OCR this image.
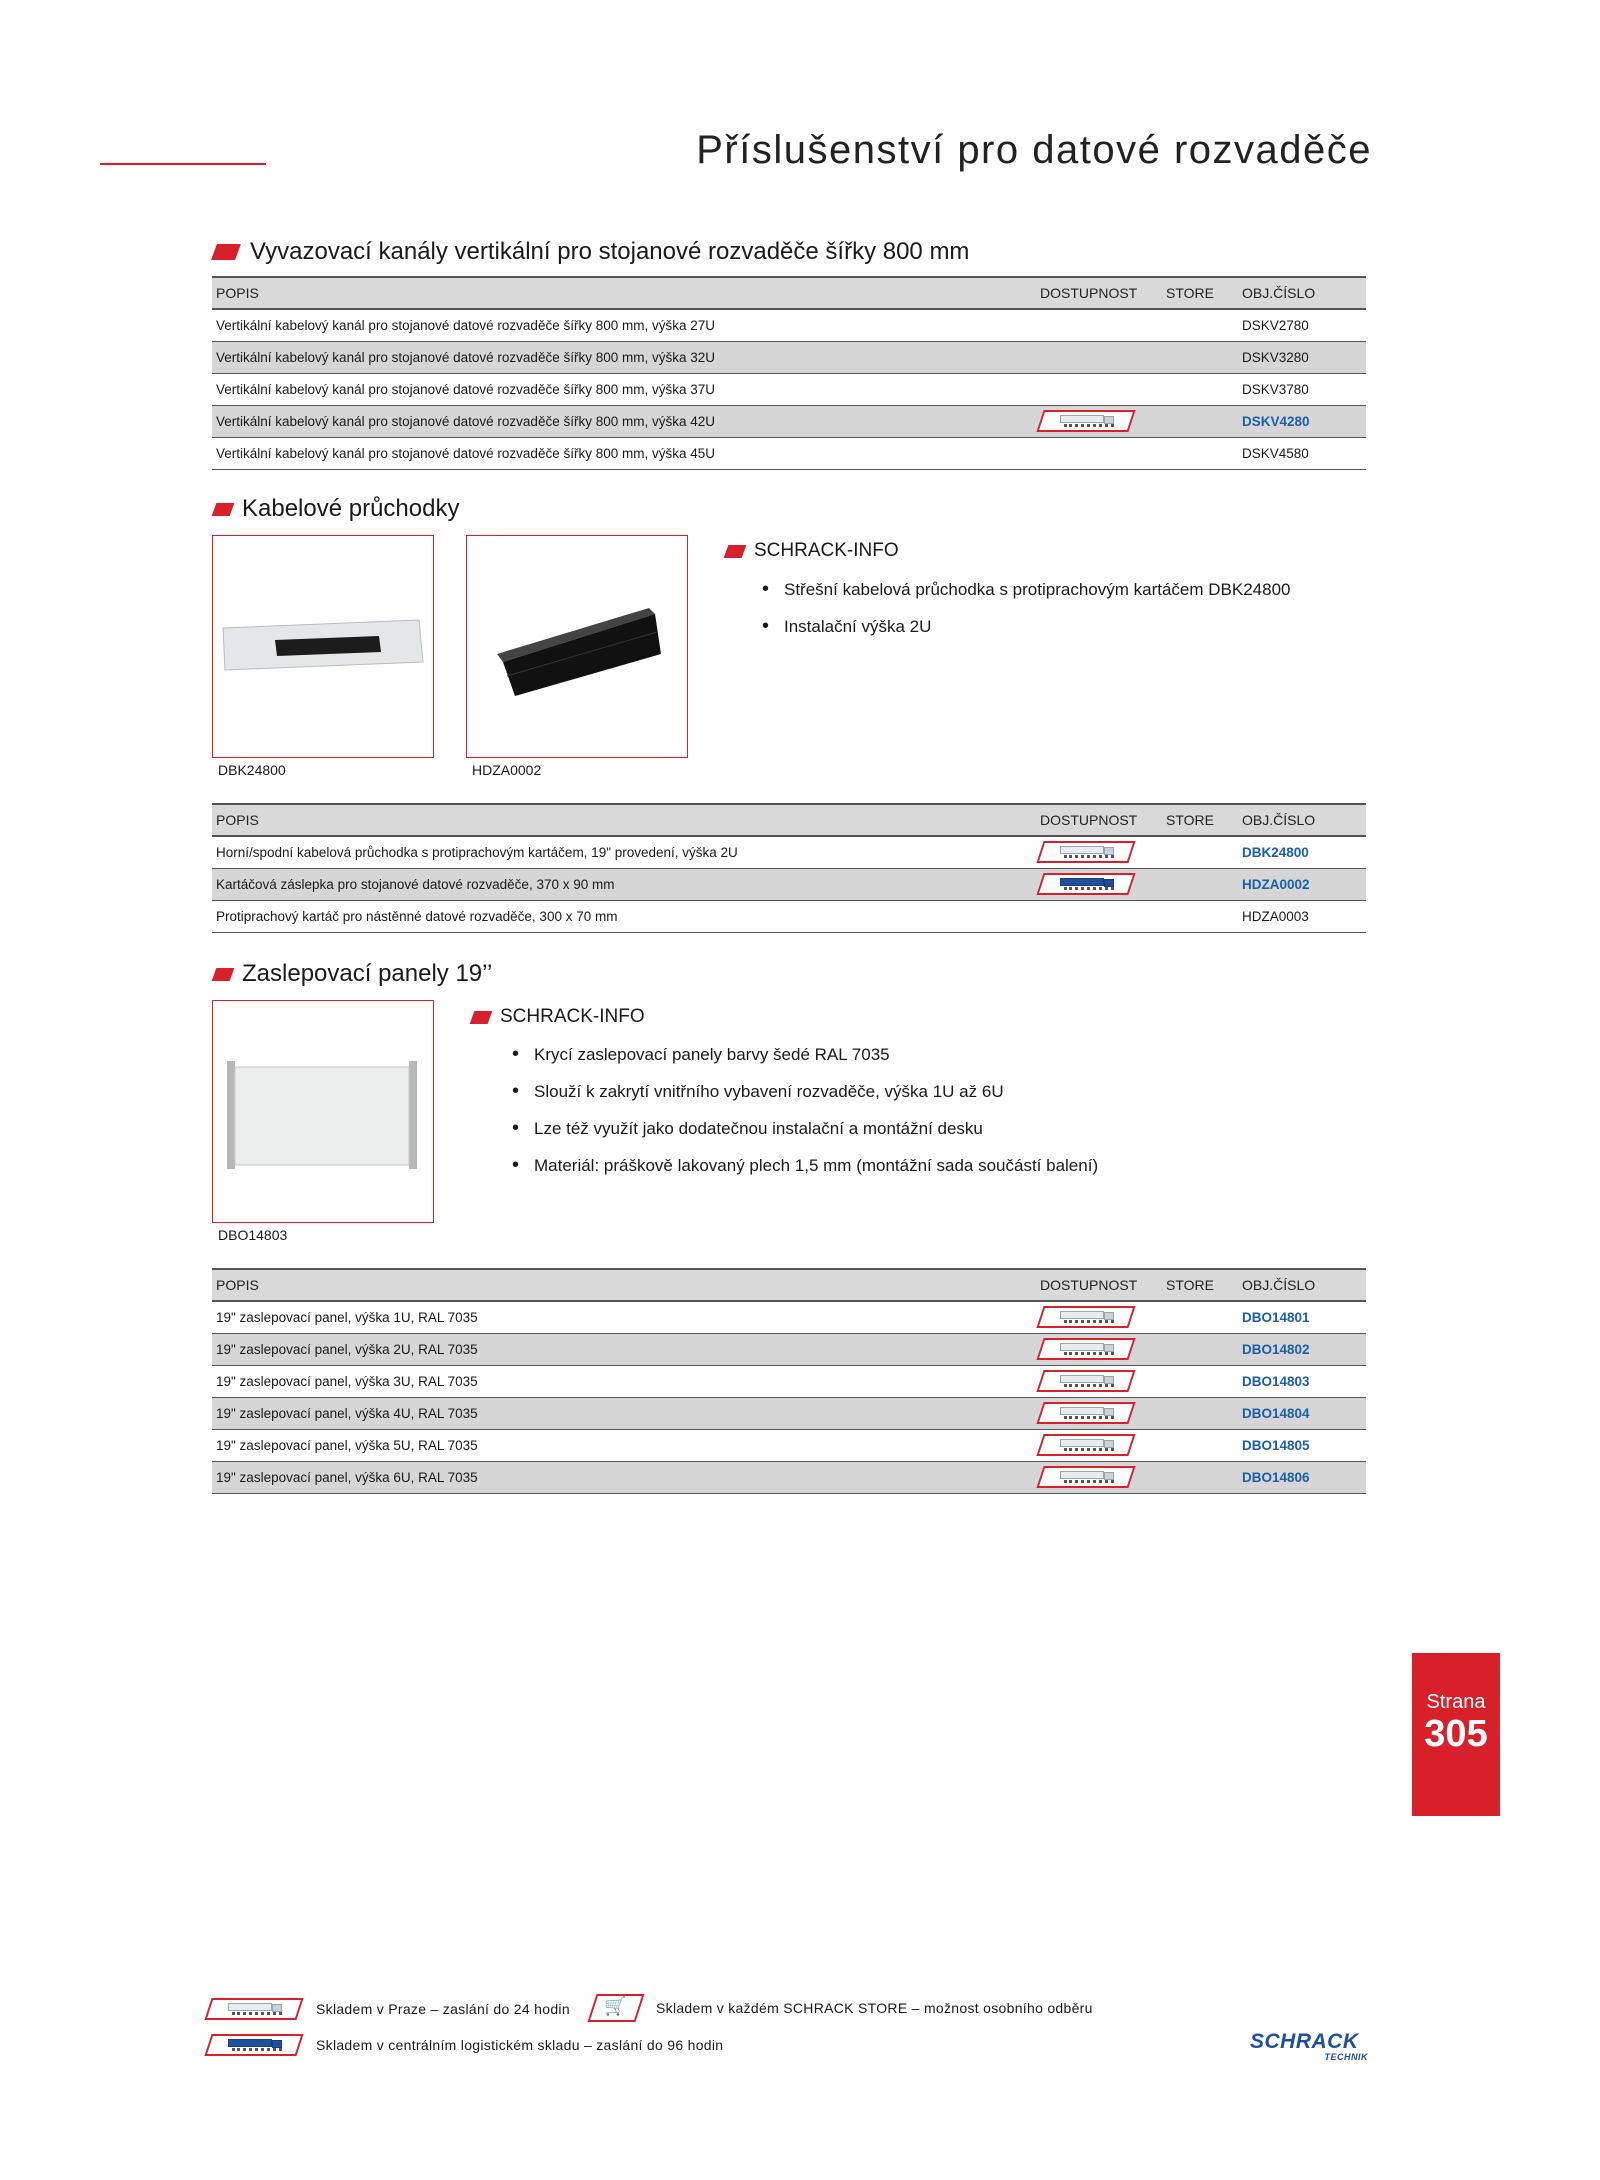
Příslušenství pro datové rozvaděče
Vyvazovací kanály vertikální pro stojanové rozvaděče šířky 800 mm
POPIS	DOSTUPNOST	STORE	OBJ.ČÍSLO
Vertikální kabelový kanál pro stojanové datové rozvaděče šířky 800 mm, výška 27U			DSKV2780
Vertikální kabelový kanál pro stojanové datové rozvaděče šířky 800 mm, výška 32U			DSKV3280
Vertikální kabelový kanál pro stojanové datové rozvaděče šířky 800 mm, výška 37U			DSKV3780
Vertikální kabelový kanál pro stojanové datové rozvaděče šířky 800 mm, výška 42U			DSKV4280
Vertikální kabelový kanál pro stojanové datové rozvaděče šířky 800 mm, výška 45U			DSKV4580
Kabelové průchodky
DBK24800	HDZA0002
SCHRACK-INFO
• Střešní kabelová průchodka s protiprachovým kartáčem DBK24800
• Instalační výška 2U
POPIS	DOSTUPNOST	STORE	OBJ.ČÍSLO
Horní/spodní kabelová průchodka s protiprachovým kartáčem, 19" provedení, výška 2U			DBK24800
Kartáčová záslepka pro stojanové datové rozvaděče, 370 x 90 mm			HDZA0002
Protiprachový kartáč pro nástěnné datové rozvaděče, 300 x 70 mm			HDZA0003
Zaslepovací panely 19’’
DBO14803
SCHRACK-INFO
• Krycí zaslepovací panely barvy šedé RAL 7035
• Slouží k zakrytí vnitřního vybavení rozvaděče, výška 1U až 6U
• Lze též využít jako dodatečnou instalační a montážní desku
• Materiál: práškově lakovaný plech 1,5 mm (montážní sada součástí balení)
POPIS	DOSTUPNOST	STORE	OBJ.ČÍSLO
19" zaslepovací panel, výška 1U, RAL 7035			DBO14801
19" zaslepovací panel, výška 2U, RAL 7035			DBO14802
19" zaslepovací panel, výška 3U, RAL 7035			DBO14803
19" zaslepovací panel, výška 4U, RAL 7035			DBO14804
19" zaslepovací panel, výška 5U, RAL 7035			DBO14805
19" zaslepovací panel, výška 6U, RAL 7035			DBO14806
Strana
305
Skladem v Praze – zaslání do 24 hodin 🛒 Skladem v každém SCHRACK STORE – možnost osobního odběru
Skladem v centrálním logistickém skladu – zaslání do 96 hodin	SCHRACK
TECHNIK
